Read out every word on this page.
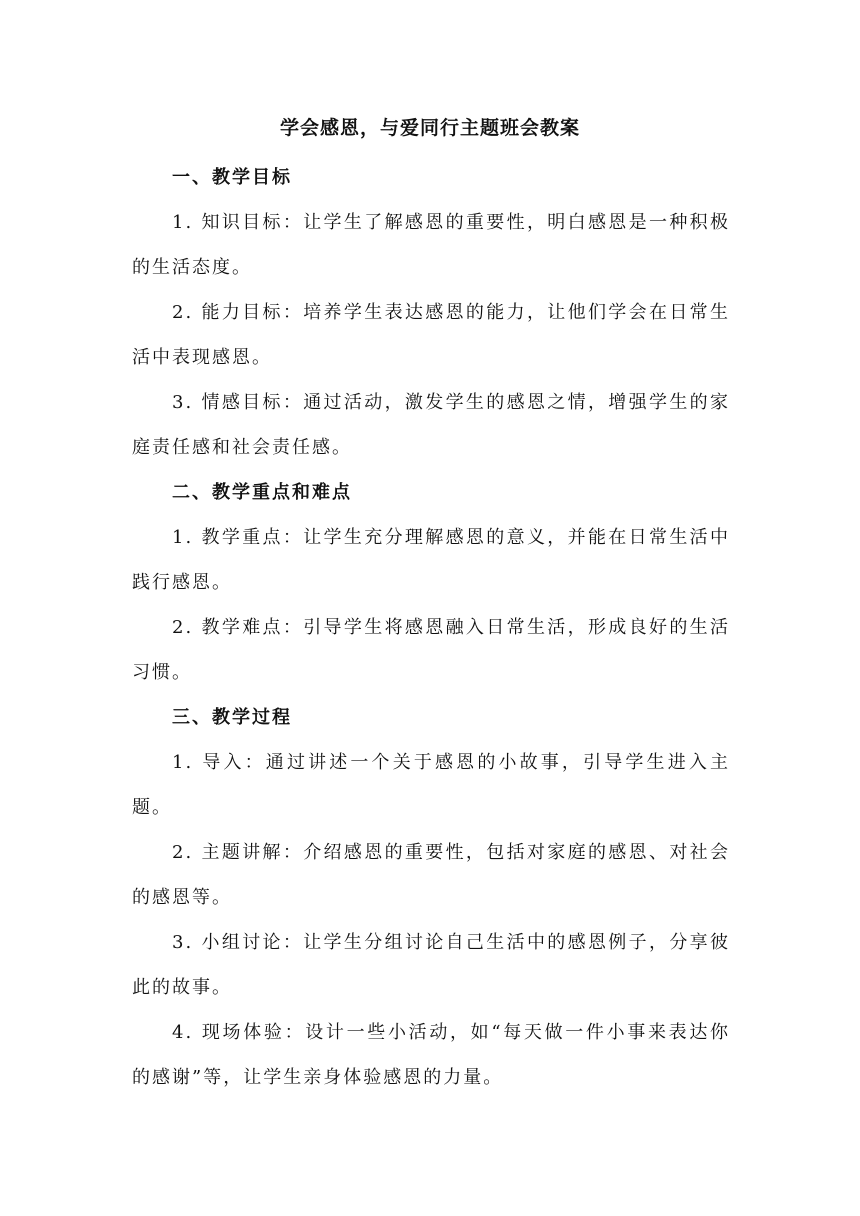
学会感恩，与爱同行主题班会教案

一、教学目标

1. 知识目标：让学生了解感恩的重要性，明白感恩是一种积极的生活态度。

2. 能力目标：培养学生表达感恩的能力，让他们学会在日常生活中表现感恩。

3. 情感目标：通过活动，激发学生的感恩之情，增强学生的家庭责任感和社会责任感。

二、教学重点和难点

1. 教学重点：让学生充分理解感恩的意义，并能在日常生活中践行感恩。

2. 教学难点：引导学生将感恩融入日常生活，形成良好的生活习惯。

三、教学过程

1. 导入：通过讲述一个关于感恩的小故事，引导学生进入主题。

2. 主题讲解：介绍感恩的重要性，包括对家庭的感恩、对社会的感恩等。

3. 小组讨论：让学生分组讨论自己生活中的感恩例子，分享彼此的故事。

4. 现场体验：设计一些小活动，如“每天做一件小事来表达你的感谢”等，让学生亲身体验感恩的力量。
